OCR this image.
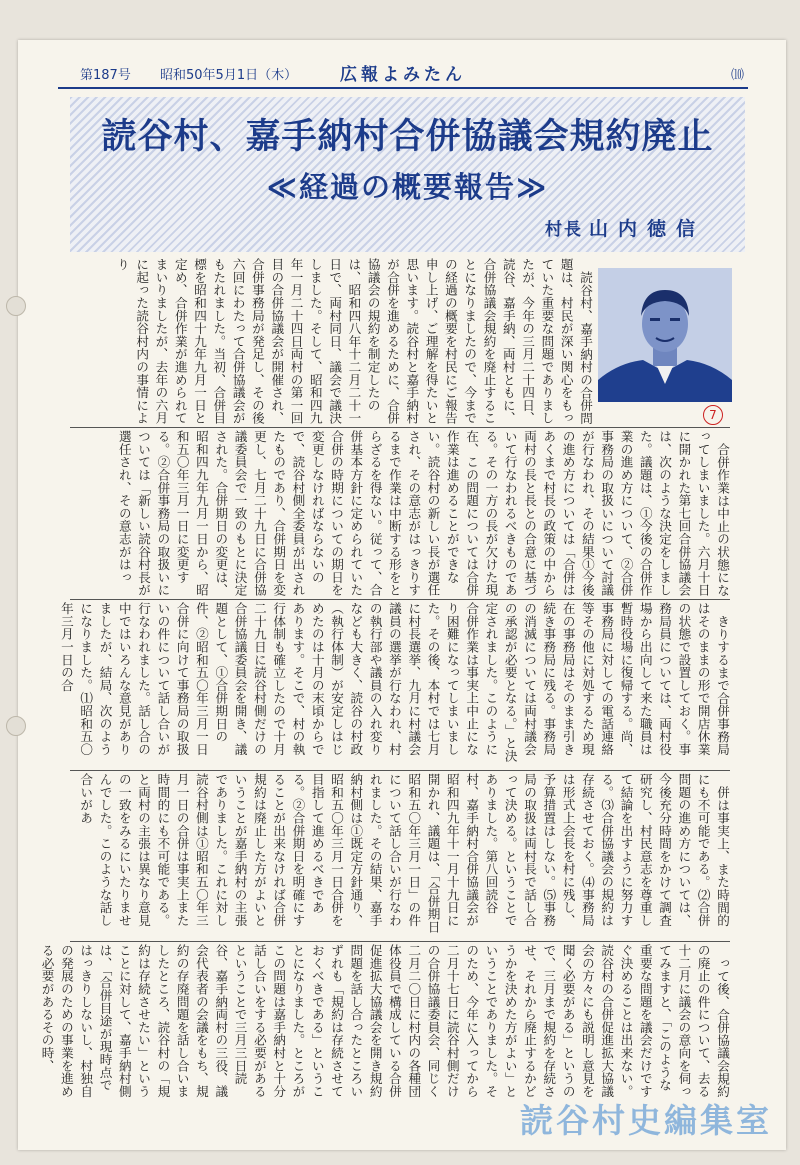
第187号 昭和50年5月1日（木）	広報よみたん	⑽
読谷村、嘉手納村合併協議会規約廃止
≪経過の概要報告≫
村長 山内徳信
7

読谷村、嘉手納村の合併問題は、村民が深い関心をもっていた重要な問題でありましたが、今年の三月二十四日、読谷、嘉手納、両村ともに、合併協議会規約を廃止することになりましたので、今までの経過の概要を村民にご報告申し上げ、ご理解を得たいと思います。読谷村と嘉手納村が合併を進めるために、合併協議会の規約を制定したのは、昭和四八年十二月二十一日で、両村同日、議会で議決しました。そして、昭和四九年一月二十四日両村の第一回目の合併協議会が開催され、合併事務局が発足し、その後六回にわたって合併協議会がもたれました。当初、合併目標を昭和四十九年九月一日と定め、合併作業が進められてまいりましたが、去年の六月に起った読谷村内の事情により

合併作業は中止の状態になってしまいました。六月十日に開かれた第七回合併協議会は、次のような決定をしました。議題は、①今後の合併作業の進め方について、②合併事務局の取扱いについて討議が行なわれ、その結果①今後の進め方については「合併はあくまで村長の政策の中から両村の長と長との合意に基づいて行なわれるべきものである。その一方の長が欠けた現在、この問題については合併作業は進めることができない。読谷村の新しい長が選任され、その意志がはっきりするまで作業は中断する形をとらざるを得ない。従って、合併基本方針に定められていた合併の時期についての期日を変更しなければならないので、読谷村側全委員が出されたものであり、合併期日を変更し、七月二十九日に合併協議委員会で一致のもとに決定された。合併期日の変更は、昭和四九年九月一日から、昭和五〇年三月一日に変更する。②合併事務局の取扱いについては「新しい読谷村長が選任され、その意志がはっ

きりするまで合併事務局はそのままの形で開店休業の状態で設置しておく。事務局員については、両村役場から出向して来た職員は暫時役場に復帰する。尚、事務局に対しての電話連絡等その他に対処するため現在の事務局はそのまま引き続き事務局に残る。事務局の消滅については両村議会の承認が必要となる。」と決定されました。このように合併作業は事実上中止になり困難になってしまいました。その後、本村では七月に村長選挙、九月に村議会議員の選挙が行なわれ、村の執行部や議員の入れ変りなども大きく、読谷の村政（執行体制）が安定しはじめたのは十月の末頃からであります。そこで、村の執行体制も確立したので十月二十九日に読谷村側だけの合併協議委員会を開き、議題として、①合併期日の件、②昭和五〇年三月一日合併に向けて事務局の取扱いの件について話し合いが行なわれました。話し合の中ではいろんな意見がありましたが、結局、次のようになりました。⑴昭和五〇年三月一日の合

併は事実上、また時間的にも不可能である。⑵合併問題の進め方については、今後充分時間をかけて調査研究し、村民意志を尊重して結論を出すように努力する。⑶合併協議会の規約は存続させておく。⑷事務局は形式上会長を村に残し、予算措置はしない。⑸事務局の取扱は両村長で話し合って決める。ということでありました。第八回読谷村、嘉手納村合併協議会が昭和四九年十一月十九日に開かれ、議題は、「合併期日昭和五〇年三月一日」の件について話し合いが行なわれました。その結果、嘉手納村側は①既定方針通り、昭和五〇年三月一日合併を目指して進めるべきである。②合併期日を明確にすることが出来なければ合併規約は廃止した方がよいということが嘉手納村の主張でありました。これに対し読谷村側は①昭和五〇年三月一日の合併は事実上また時間的にも不可能である。と両村の主張は異なり意見の一致をみるにいたりませんでした。このような話し合いがあ

って後、合併協議会規約の廃止の件について、去る十二月に議会の意向を伺ってみますと、「このような重要な問題を議会だけですぐ決めることは出来ない。読谷村の合併促進拡大協議会の方々にも説明し意見を聞く必要がある」というので、三月まで規約を存続させ、それから廃止するかどうかを決めた方がよい」ということでありました。そのため、今年に入ってから二月十七日に読谷村側だけの合併協議委員会、同じく二月二〇日に村内の各種団体役員で構成している合併促進拡大協議会を開き規約問題を話し合ったところいずれも「規約は存続させておくべきである」ということになりました。ところがこの問題は嘉手納村と十分話し合いをする必要があるということで三月三日読谷、嘉手納両村の三役、議会代表者の会議をもち、規約の存廃問題を話し合いましたところ、読谷村の「規約は存続させたい」ということに対して、嘉手納村側は、「合併目途が現時点ではっきりしないし、村独自の発展のための事業を進める必要があるその時、

読谷村史編集室
